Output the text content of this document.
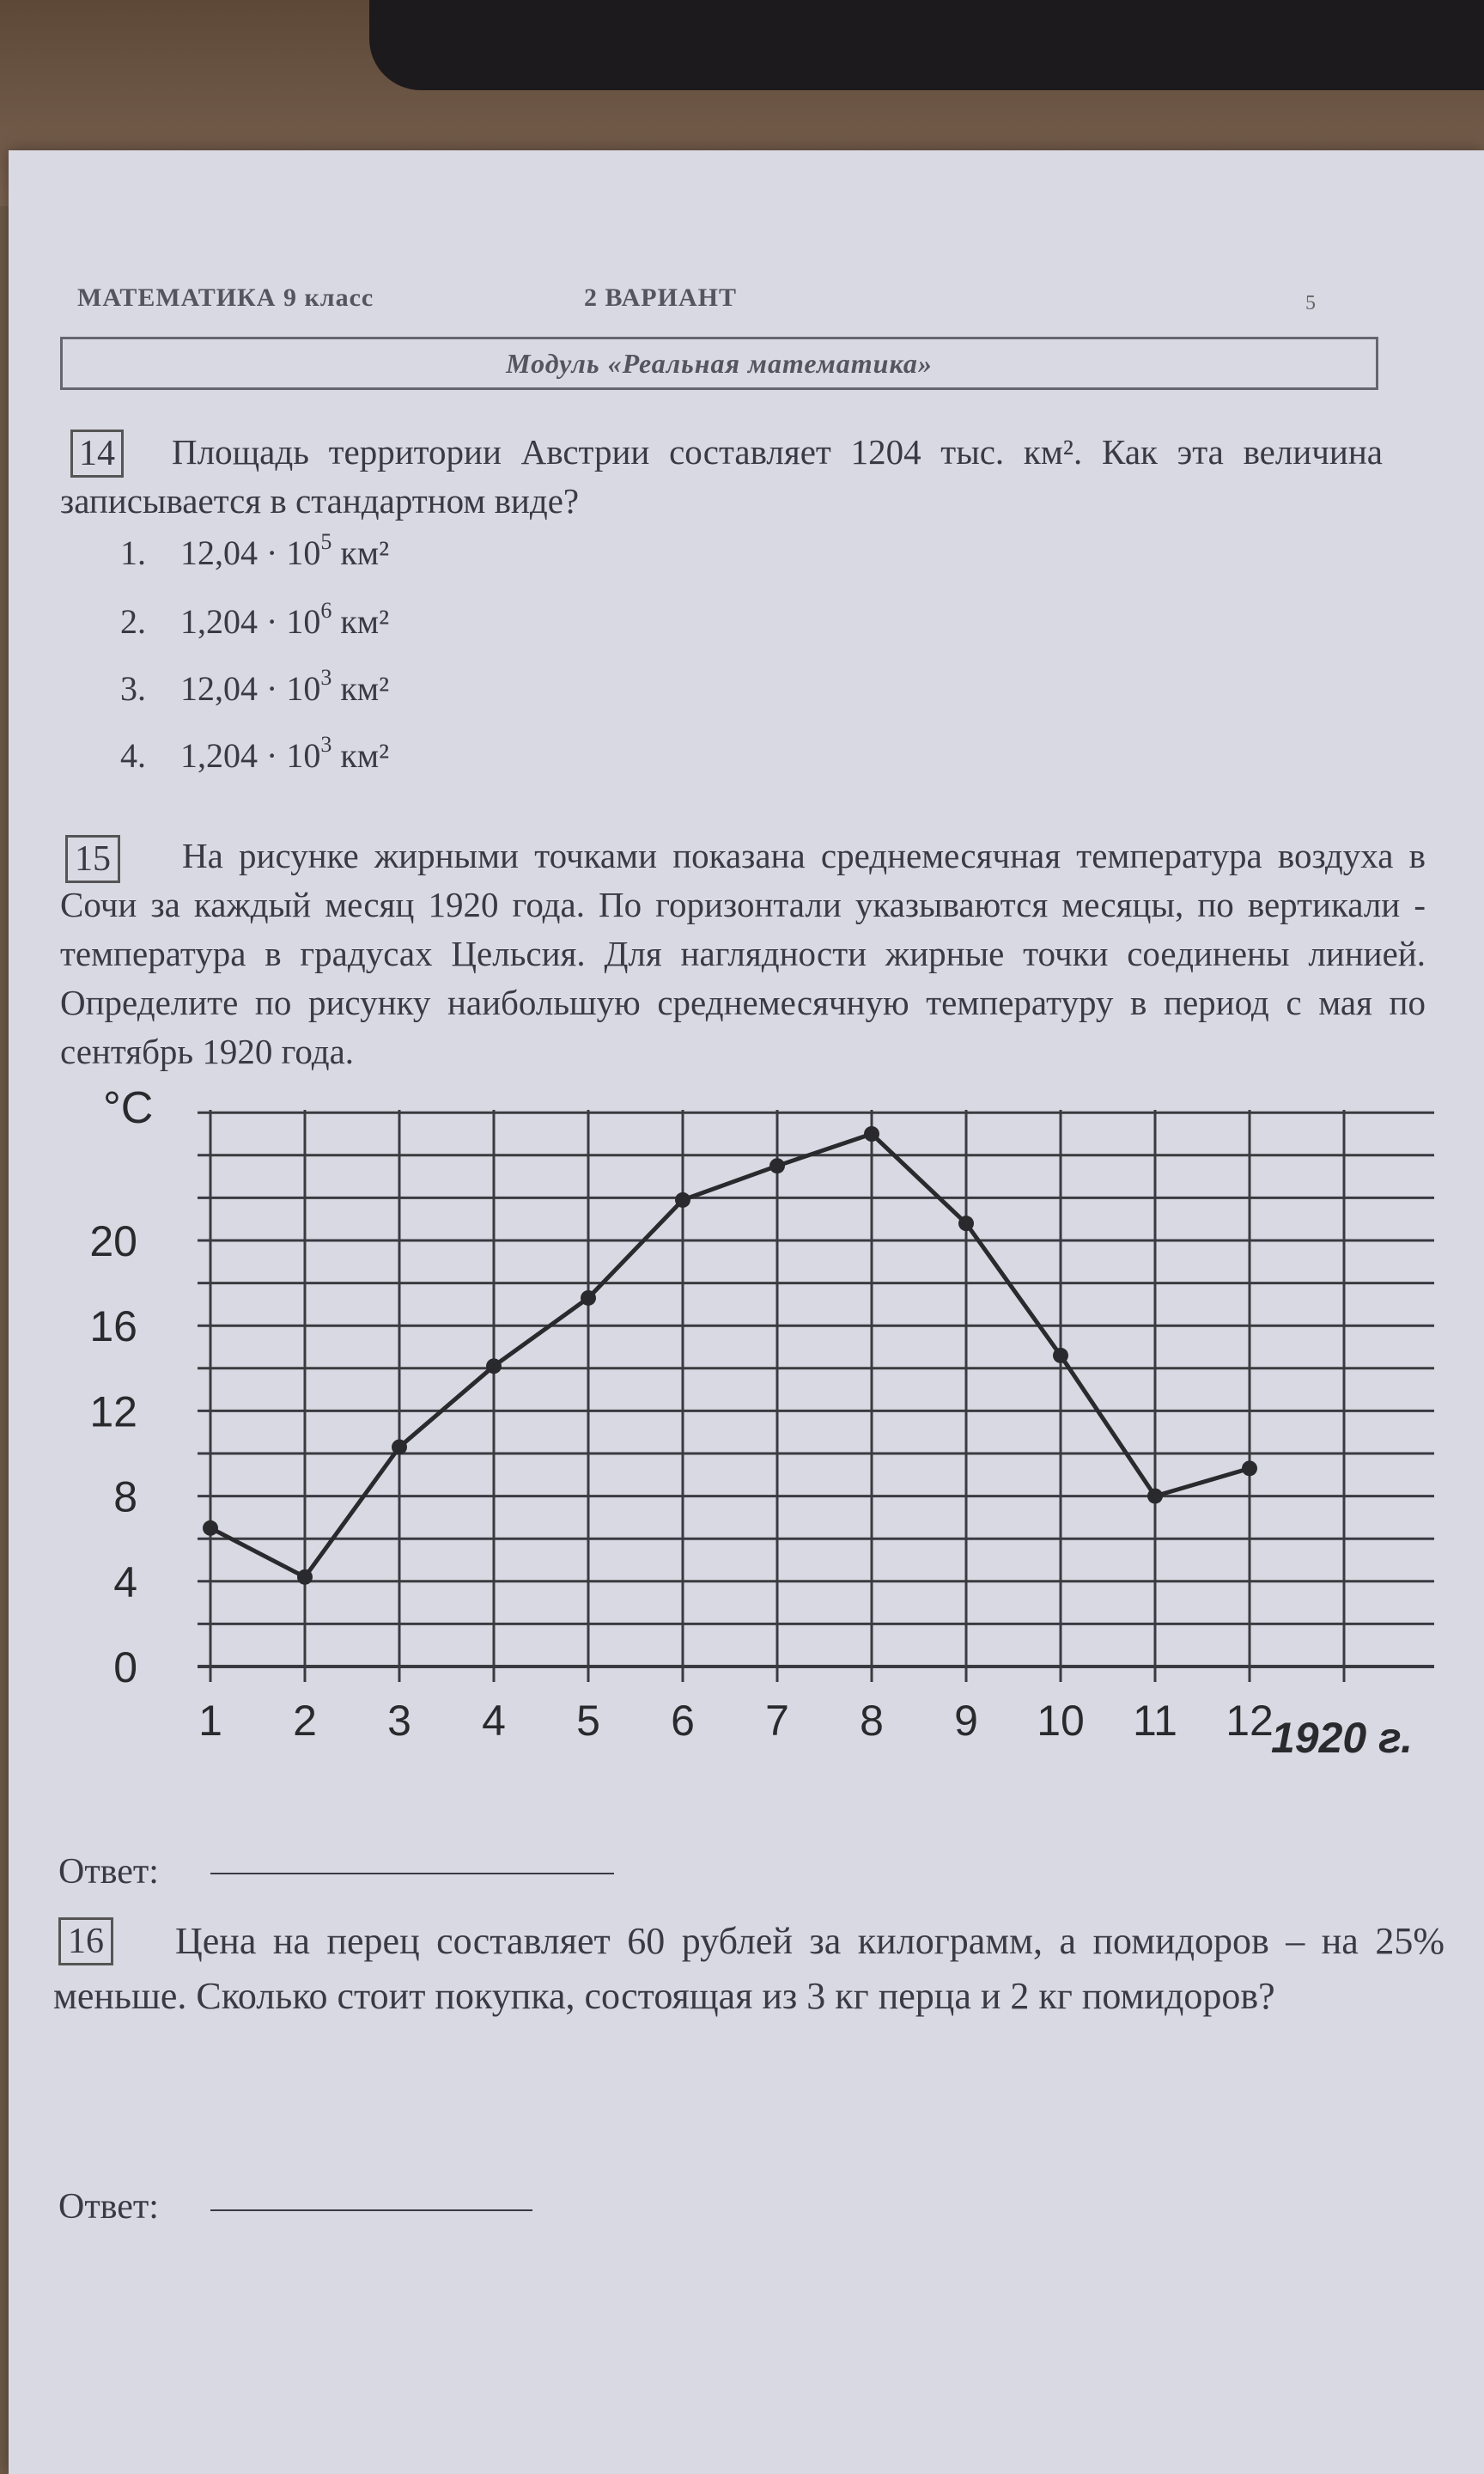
МАТЕМАТИКА 9 класс	2 ВАРИАНТ	5
Модуль «Реальная математика»
14	Площадь территории Австрии составляет 1204 тыс. км². Как эта величина записывается в стандартном виде?
1. $12,04 \cdot 10^5$ км²
2. $1,204 \cdot 10^6$ км²
3. $12,04 \cdot 10^3$ км²
4. $1,204 \cdot 10^3$ км²
15	На рисунке жирными точками показана среднемесячная температура воздуха в Сочи за каждый месяц 1920 года. По горизонтали указываются месяцы, по вертикали - температура в градусах Цельсия. Для наглядности жирные точки соединены линией. Определите по рисунку наибольшую среднемесячную температуру в период с мая по сентябрь 1920 года.
0
4
8
12
16
20
1 2 3 4 5 6 7 8 9 10 11 12
°C
1920 г.
Ответ:
16	Цена на перец составляет 60 рублей за килограмм, а помидоров – на 25% меньше. Сколько стоит покупка, состоящая из 3 кг перца и 2 кг помидоров?
Ответ:
